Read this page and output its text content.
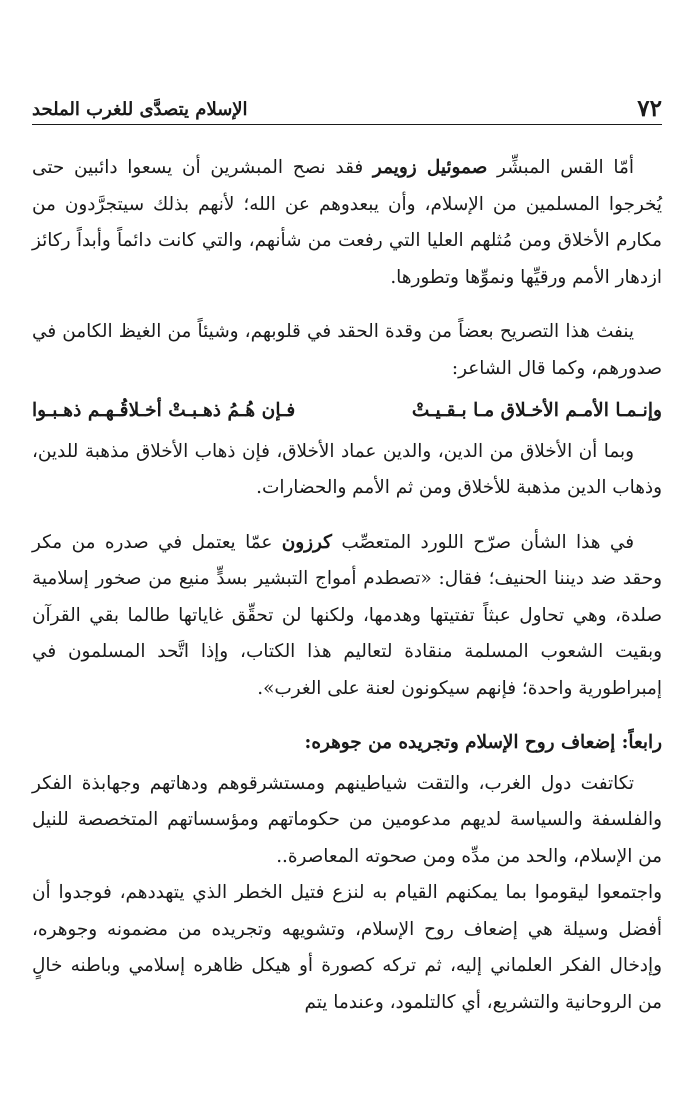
٧٢
الإسلام يتصدَّى للغرب الملحد

أمّا القس المبشِّر صموئيل زويمر فقد نصح المبشرين أن يسعوا دائبين حتى يُخرجوا المسلمين من الإسلام، وأن يبعدوهم عن الله؛ لأنهم بذلك سيتجرَّدون من مكارم الأخلاق ومن مُثلهم العليا التي رفعت من شأنهم، والتي كانت دائماً وأبداً ركائز ازدهار الأمم ورقيِّها ونموِّها وتطورها.

ينفث هذا التصريح بعضاً من وقدة الحقد في قلوبهم، وشيئاً من الغيظ الكامن في صدورهم، وكما قال الشاعر:

وإنـمـا الأمـم الأخـلاق مـا بـقـيـتْ
فـإن هُـمُ ذهـبـتْ أخـلاقُـهـم ذهـبـوا

وبما أن الأخلاق من الدين، والدين عماد الأخلاق، فإن ذهاب الأخلاق مذهبة للدين، وذهاب الدين مذهبة للأخلاق ومن ثم الأمم والحضارات.

في هذا الشأن صرّح اللورد المتعصِّب كرزون عمّا يعتمل في صدره من مكر وحقد ضد ديننا الحنيف؛ فقال: «تصطدم أمواج التبشير بسدٍّ منيع من صخور إسلامية صلدة، وهي تحاول عبثاً تفتيتها وهدمها، ولكنها لن تحقِّق غاياتها طالما بقي القرآن وبقيت الشعوب المسلمة منقادة لتعاليم هذا الكتاب، وإذا اتَّحد المسلمون في إمبراطورية واحدة؛ فإنهم سيكونون لعنة على الغرب».

رابعاً: إضعاف روح الإسلام وتجريده من جوهره:

تكاتفت دول الغرب، والتقت شياطينهم ومستشرقوهم ودهاتهم وجهابذة الفكر والفلسفة والسياسة لديهم مدعومين من حكوماتهم ومؤسساتهم المتخصصة للنيل من الإسلام، والحد من مدِّه ومن صحوته المعاصرة..

واجتمعوا ليقوموا بما يمكنهم القيام به لنزع فتيل الخطر الذي يتهددهم، فوجدوا أن أفضل وسيلة هي إضعاف روح الإسلام، وتشويهه وتجريده من مضمونه وجوهره، وإدخال الفكر العلماني إليه، ثم تركه كصورة أو هيكل ظاهره إسلامي وباطنه خالٍ من الروحانية والتشريع، أي كالتلمود، وعندما يتم
